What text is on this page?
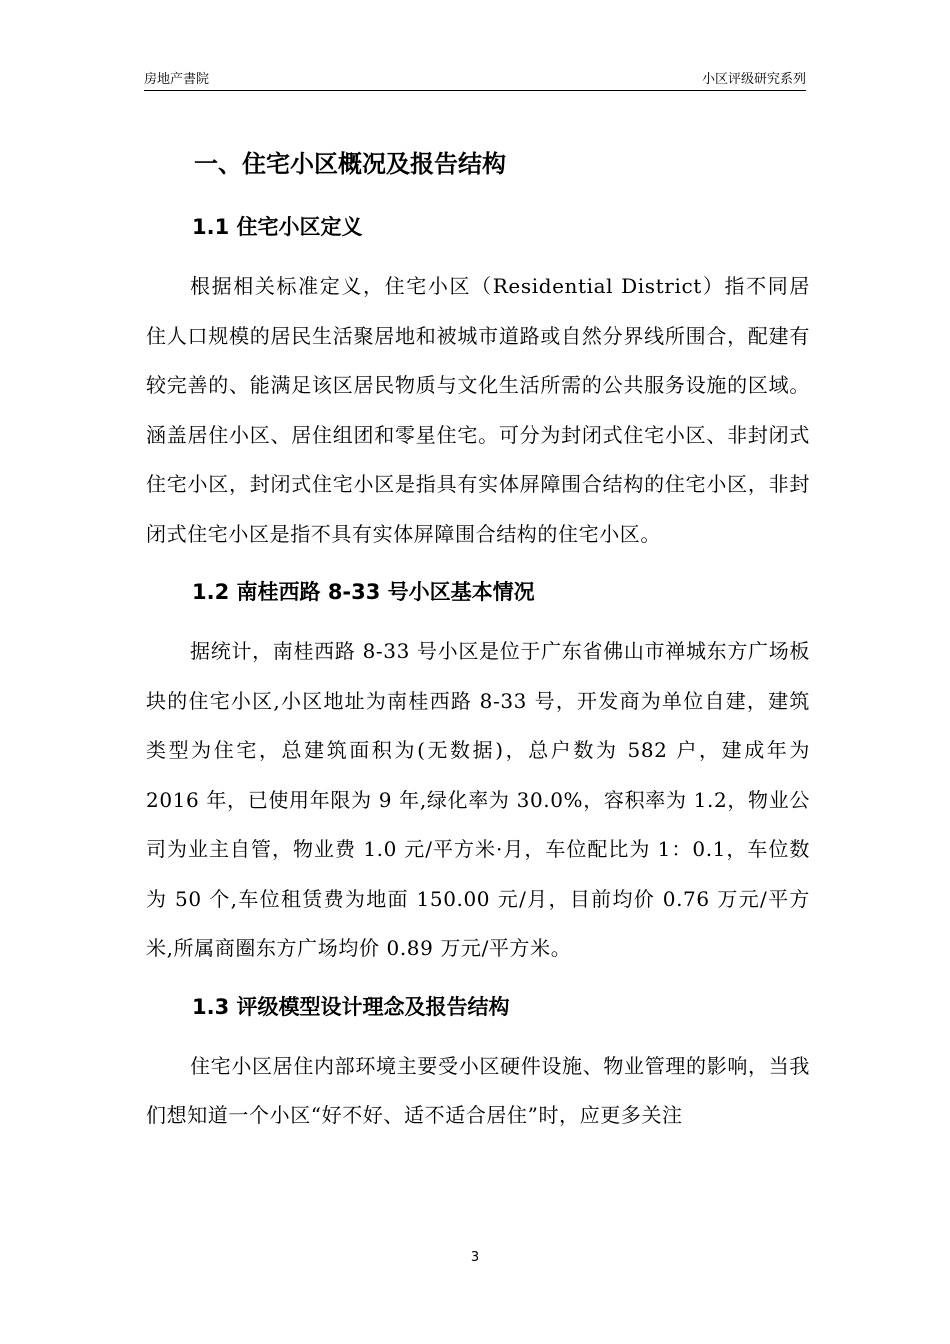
房地产書院	小区评级研究系列
一、住宅小区概况及报告结构
1.1 住宅小区定义

根据相关标准定义，住宅小区（Residential District）指不同居住人口规模的居民生活聚居地和被城市道路或自然分界线所围合，配建有较完善的、能满足该区居民物质与文化生活所需的公共服务设施的区域。涵盖居住小区、居住组团和零星住宅。可分为封闭式住宅小区、非封闭式住宅小区，封闭式住宅小区是指具有实体屏障围合结构的住宅小区，非封闭式住宅小区是指不具有实体屏障围合结构的住宅小区。

1.2 南桂西路 8-33 号小区基本情况

据统计，南桂西路 8-33 号小区是位于广东省佛山市禅城东方广场板块的住宅小区,小区地址为南桂西路 8-33 号，开发商为单位自建，建筑类型为住宅，总建筑面积为(无数据)，总户数为 582 户，建成年为 2016 年，已使用年限为 9 年,绿化率为 30.0%，容积率为 1.2，物业公司为业主自管，物业费 1.0 元/平方米·月，车位配比为 1：0.1，车位数为 50 个,车位租赁费为地面 150.00 元/月，目前均价 0.76 万元/平方米,所属商圈东方广场均价 0.89 万元/平方米。

1.3 评级模型设计理念及报告结构

住宅小区居住内部环境主要受小区硬件设施、物业管理的影响，当我们想知道一个小区“好不好、适不适合居住”时，应更多关注

3
